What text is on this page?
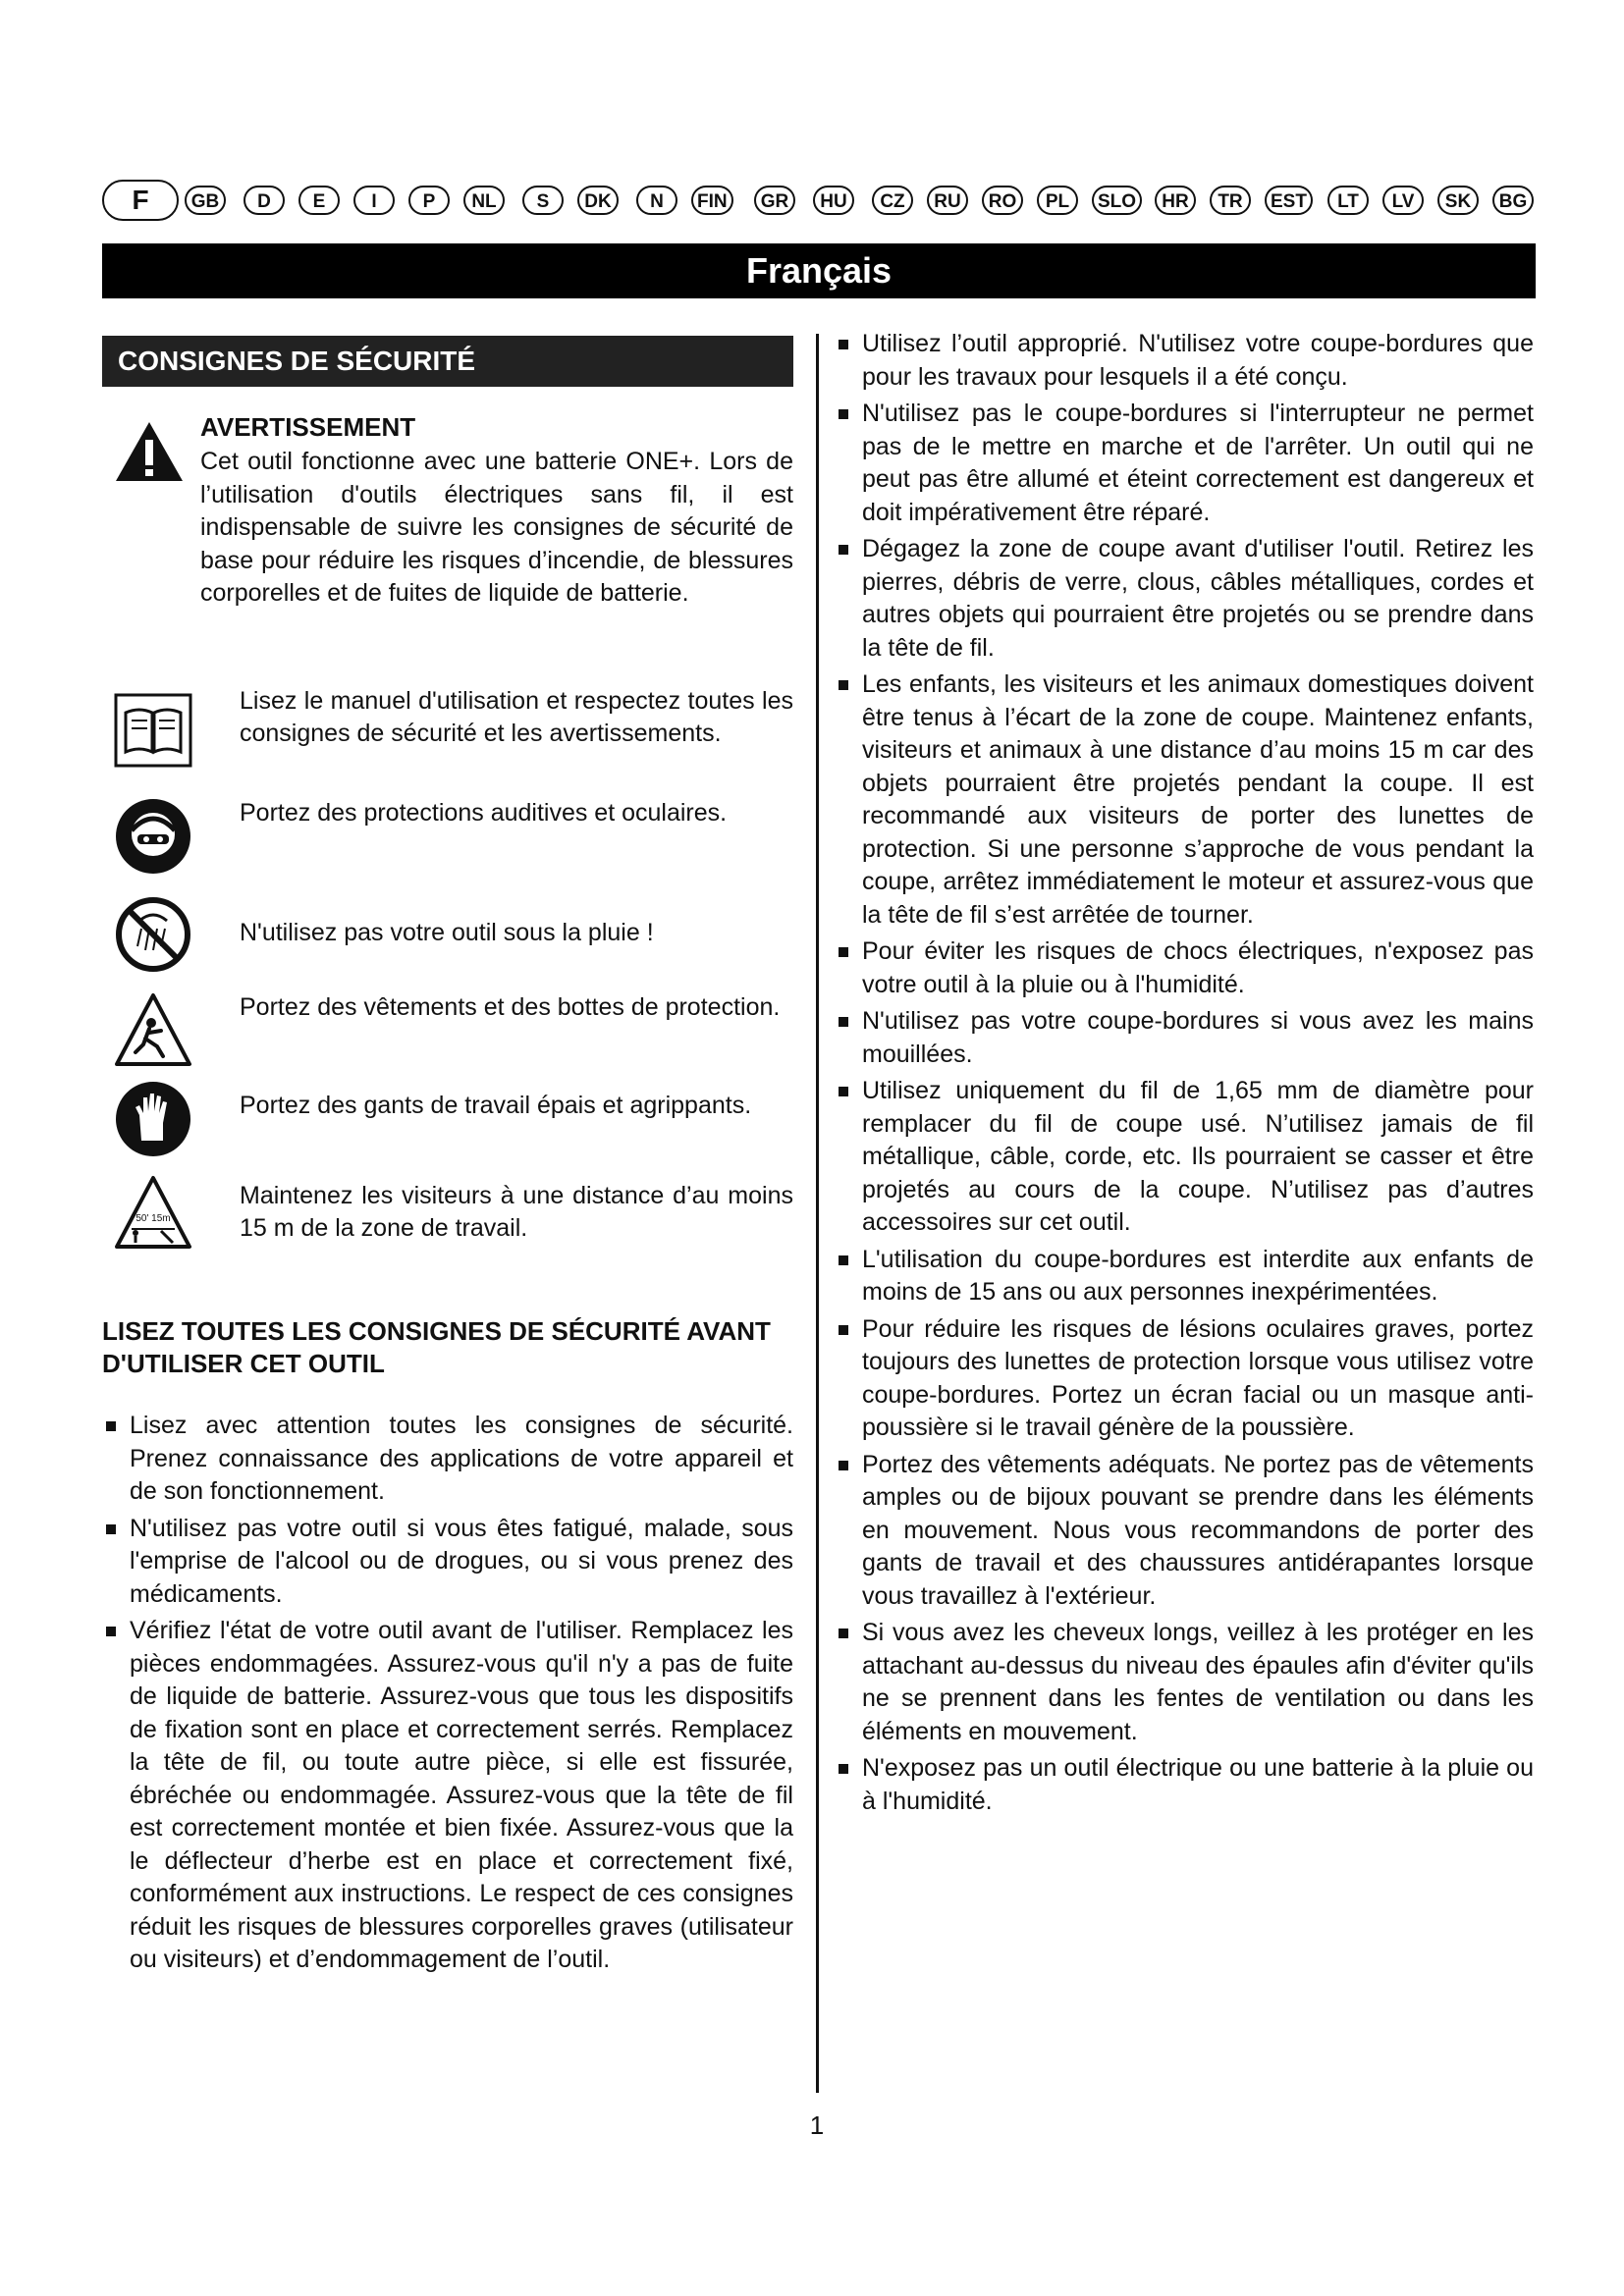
F	GB	D	E	I	P	NL	S	DK	N	FIN	GR	HU	CZ	RU	RO	PL	SLO	HR	TR	EST	LT	LV	SK	BG
Français
CONSIGNES DE SÉCURITÉ
AVERTISSEMENT
Cet outil fonctionne avec une batterie ONE+. Lors de l’utilisation d'outils électriques sans fil, il est indispensable de suivre les consignes de sécurité de base pour réduire les risques d’incendie, de blessures corporelles et de fuites de liquide de batterie.
Lisez le manuel d'utilisation et respectez toutes les consignes de sécurité et les avertissements.
Portez des protections auditives et oculaires.
N'utilisez pas votre outil sous la pluie !
Portez des vêtements et des bottes de protection.
Portez des gants de travail épais et agrippants.
50' 15m
Maintenez les visiteurs à une distance d’au moins 15 m de la zone de travail.
LISEZ TOUTES LES CONSIGNES DE SÉCURITÉ AVANT D'UTILISER CET OUTIL
Lisez avec attention toutes les consignes de sécurité. Prenez connaissance des applications de votre appareil et de son fonctionnement.
N'utilisez pas votre outil si vous êtes fatigué, malade, sous l'emprise de l'alcool ou de drogues, ou si vous prenez des médicaments.
Vérifiez l'état de votre outil avant de l'utiliser. Remplacez les pièces endommagées. Assurez-vous qu'il n'y a pas de fuite de liquide de batterie. Assurez-vous que tous les dispositifs de fixation sont en place et correctement serrés. Remplacez la tête de fil, ou toute autre pièce, si elle est fissurée, ébréchée ou endommagée. Assurez-vous que la tête de fil est correctement montée et bien fixée. Assurez-vous que la le déflecteur d’herbe est en place et correctement fixé, conformément aux instructions. Le respect de ces consignes réduit les risques de blessures corporelles graves (utilisateur ou visiteurs) et d’endommagement de l’outil.
Utilisez l’outil approprié. N'utilisez votre coupe-bordures que pour les travaux pour lesquels il a été conçu.
N'utilisez pas le coupe-bordures si l'interrupteur ne permet pas de le mettre en marche et de l'arrêter. Un outil qui ne peut pas être allumé et éteint correctement est dangereux et doit impérativement être réparé.
Dégagez la zone de coupe avant d'utiliser l'outil. Retirez les pierres, débris de verre, clous, câbles métalliques, cordes et autres objets qui pourraient être projetés ou se prendre dans la tête de fil.
Les enfants, les visiteurs et les animaux domestiques doivent être tenus à l’écart de la zone de coupe. Maintenez enfants, visiteurs et animaux à une distance d’au moins 15 m car des objets pourraient être projetés pendant la coupe. Il est recommandé aux visiteurs de porter des lunettes de protection. Si une personne s’approche de vous pendant la coupe, arrêtez immédiatement le moteur et assurez-vous que la tête de fil s’est arrêtée de tourner.
Pour éviter les risques de chocs électriques, n'exposez pas votre outil à la pluie ou à l'humidité.
N'utilisez pas votre coupe-bordures si vous avez les mains mouillées.
Utilisez uniquement du fil de 1,65 mm de diamètre pour remplacer du fil de coupe usé. N’utilisez jamais de fil métallique, câble, corde, etc. Ils pourraient se casser et être projetés au cours de la coupe. N’utilisez pas d’autres accessoires sur cet outil.
L'utilisation du coupe-bordures est interdite aux enfants de moins de 15 ans ou aux personnes inexpérimentées.
Pour réduire les risques de lésions oculaires graves, portez toujours des lunettes de protection lorsque vous utilisez votre coupe-bordures. Portez un écran facial ou un masque anti-poussière si le travail génère de la poussière.
Portez des vêtements adéquats. Ne portez pas de vêtements amples ou de bijoux pouvant se prendre dans les éléments en mouvement. Nous vous recommandons de porter des gants de travail et des chaussures antidérapantes lorsque vous travaillez à l'extérieur.
Si vous avez les cheveux longs, veillez à les protéger en les attachant au-dessus du niveau des épaules afin d'éviter qu'ils ne se prennent dans les fentes de ventilation ou dans les éléments en mouvement.
N'exposez pas un outil électrique ou une batterie à la pluie ou à l'humidité.
1
